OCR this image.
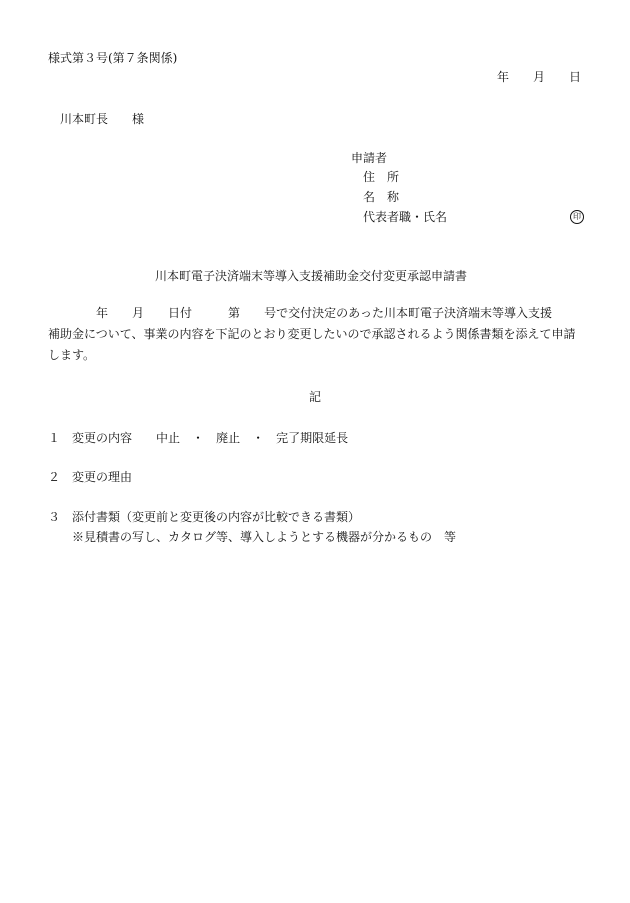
様式第３号(第７条関係)
年 月 日
川本町長 様
申請者
住　所
名　称
代表者職・氏名	印
川本町電子決済端末等導入支援補助金交付変更承認申請書
年 月 日付	第 号で交付決定のあった川本町電子決済端末等導入支援
補助金について、事業の内容を下記のとおり変更したいので承認されるよう関係書類を添えて申請
します。
記
１ 変更の内容 中止 ・ 廃止 ・ 完了期限延長
２ 変更の理由
３ 添付書類（変更前と変更後の内容が比較できる書類）
※見積書の写し、カタログ等、導入しようとする機器が分かるもの　等
